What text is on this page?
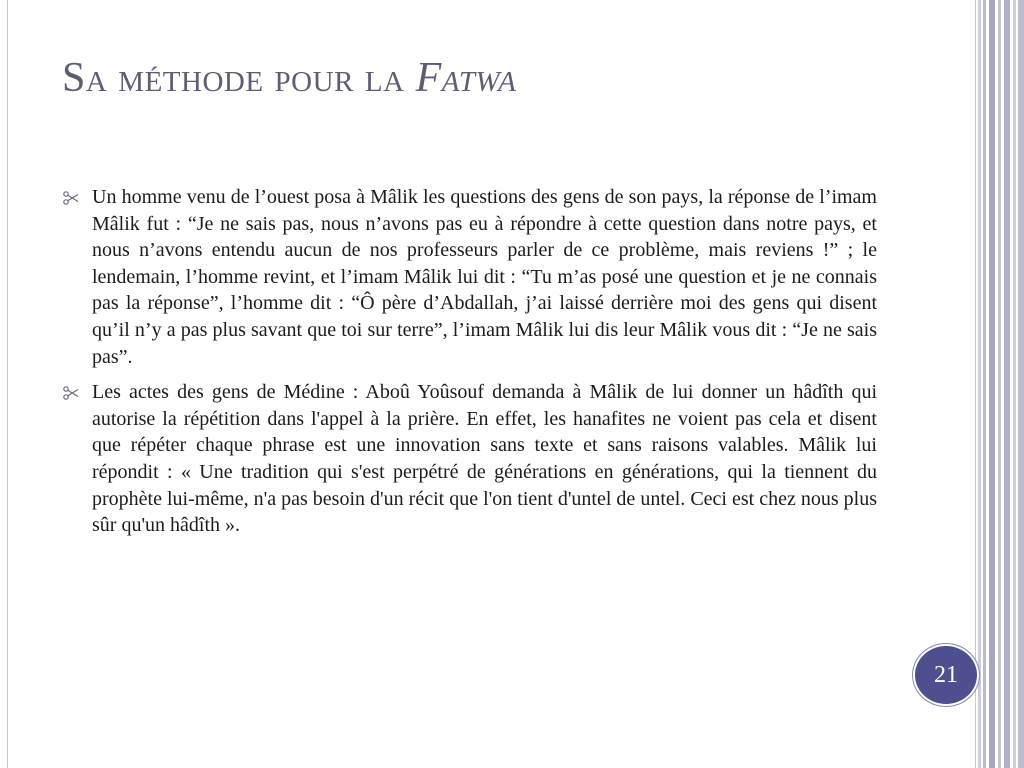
Sa méthode pour la Fatwa
Un homme venu de l’ouest posa à Mâlik les questions des gens de son pays, la réponse de l’imam Mâlik fut : “Je ne sais pas, nous n’avons pas eu à répondre à cette question dans notre pays, et nous n’avons entendu aucun de nos professeurs parler de ce problème, mais reviens !” ; le lendemain, l’homme revint, et l’imam Mâlik lui dit : “Tu m’as posé une question et je ne connais pas la réponse”, l’homme dit : “Ô père d’Abdallah, j’ai laissé derrière moi des gens qui disent qu’il n’y a pas plus savant que toi sur terre”, l’imam Mâlik lui dis leur Mâlik vous dit : “Je ne sais pas”.
Les actes des gens de Médine : Aboû Yoûsouf demanda à Mâlik de lui donner un hâdîth qui autorise la répétition dans l'appel à la prière. En effet, les hanafites ne voient pas cela et disent que répéter chaque phrase est une innovation sans texte et sans raisons valables. Mâlik lui répondit : « Une tradition qui s'est perpétré de générations en générations, qui la tiennent du prophète lui-même, n'a pas besoin d'un récit que l'on tient d'untel de untel. Ceci est chez nous plus sûr qu'un hâdîth ».
21
